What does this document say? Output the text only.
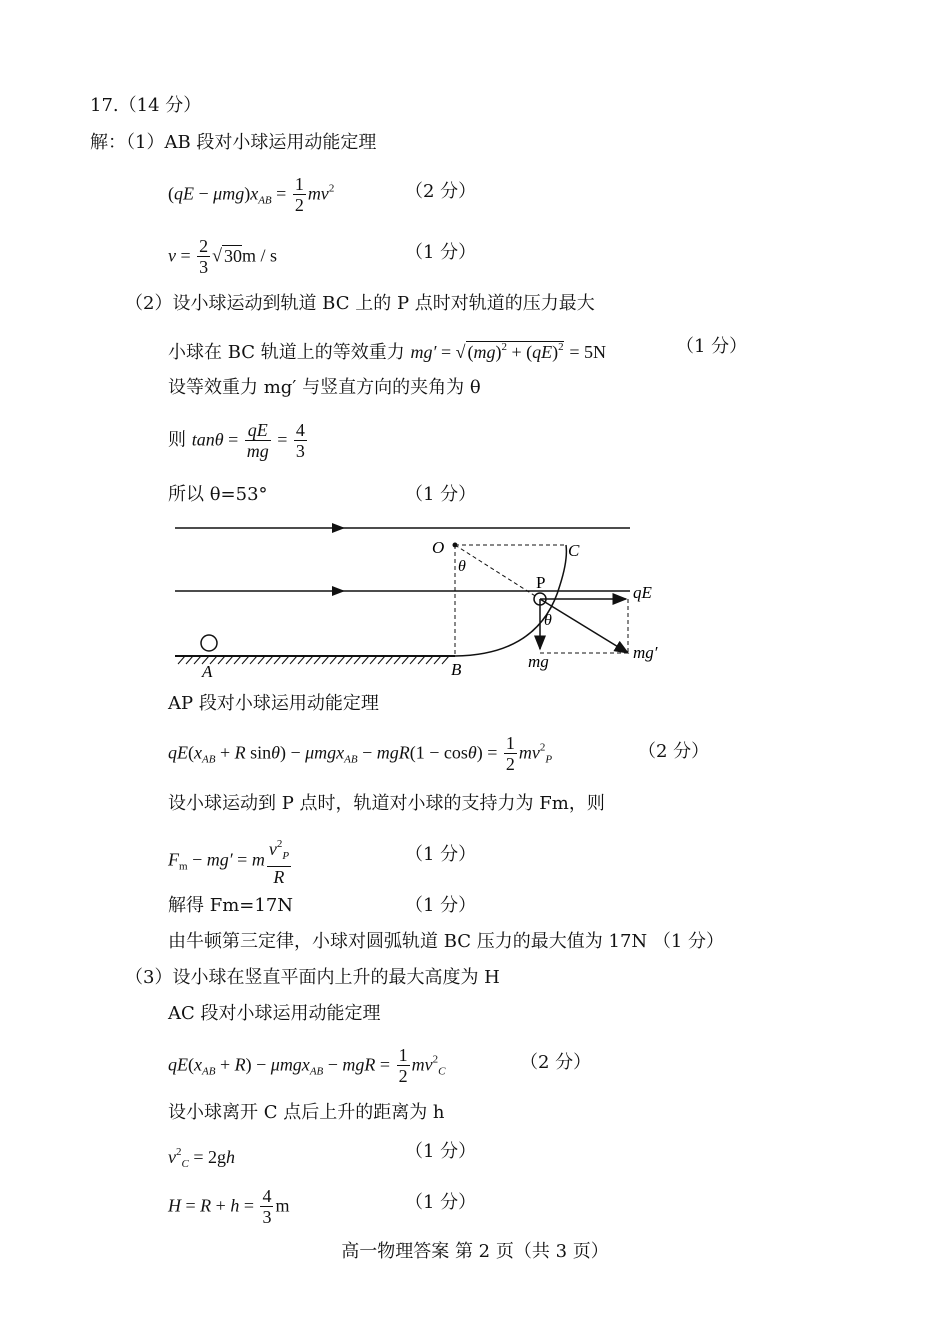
17.（14 分）
解：（1）AB 段对小球运用动能定理
$(qE - \mu mg)x_{AB} = \frac{1}{2} mv^2$	（2 分）
$v = \frac{2}{3}$ √ 30m / s	（1 分）
（2）设小球运动到轨道 BC 上的 P 点时对轨道的压力最大
小球在 BC 轨道上的等效重力 mg′ = √ (mg)$^2$ + (qE)$^2$ = 5N	（1 分）
设等效重力 mg′ 与竖直方向的夹角为 θ
则 $\tan\theta = \frac{qE}{mg} = \frac{4}{3}$
所以 θ=53°	（1 分）
A
O
B
C
θ
P
qE
mg
θ
mg′
AP 段对小球运用动能定理
$qE(x_{AB} + R$ $\sin\theta) - \mu mgx_{AB} - mgR(1 - \cos\theta) = \frac{1}{2} mv^2_P$	（2 分）
设小球运动到 P 点时，轨道对小球的支持力为 Fm，则
$F_m - mg' = m \frac{v^2_P}{R}$	（1 分）
解得 Fm=17N	（1 分）
由牛顿第三定律，小球对圆弧轨道 BC 压力的最大值为 17N （1 分）
（3）设小球在竖直平面内上升的最大高度为 H
AC 段对小球运用动能定理
$qE(x_{AB} + R) - \mu mgx_{AB}$ − mgR = $\frac{1}{2} mv^2_C$	（2 分）
设小球离开 C 点后上升的距离为 h
$v^2_C = 2gh$	（1 分）
$H = R + h = \frac{4}{3}$ m	（1 分）
高一物理答案 第 2 页（共 3 页）
